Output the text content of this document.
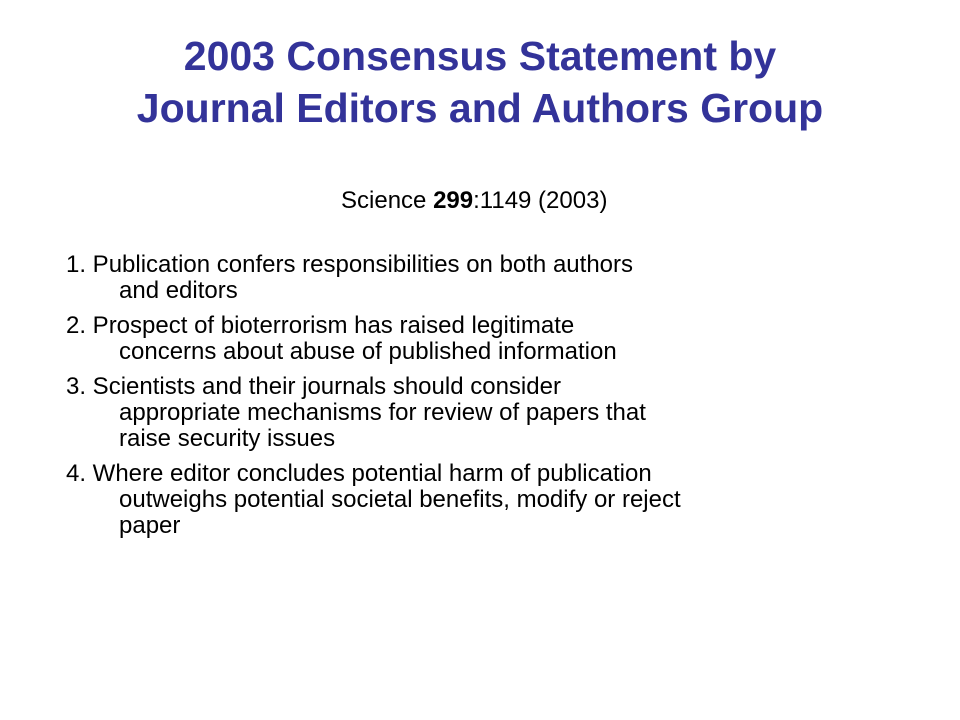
2003 Consensus Statement by
Journal Editors and Authors Group
Science 299:1149 (2003)
1. Publication confers responsibilities on both authors
and editors
2. Prospect of bioterrorism has raised legitimate
concerns about abuse of published information
3. Scientists and their journals should consider
appropriate mechanisms for review of papers that
raise security issues
4. Where editor concludes potential harm of publication
outweighs potential societal benefits, modify or reject
paper
